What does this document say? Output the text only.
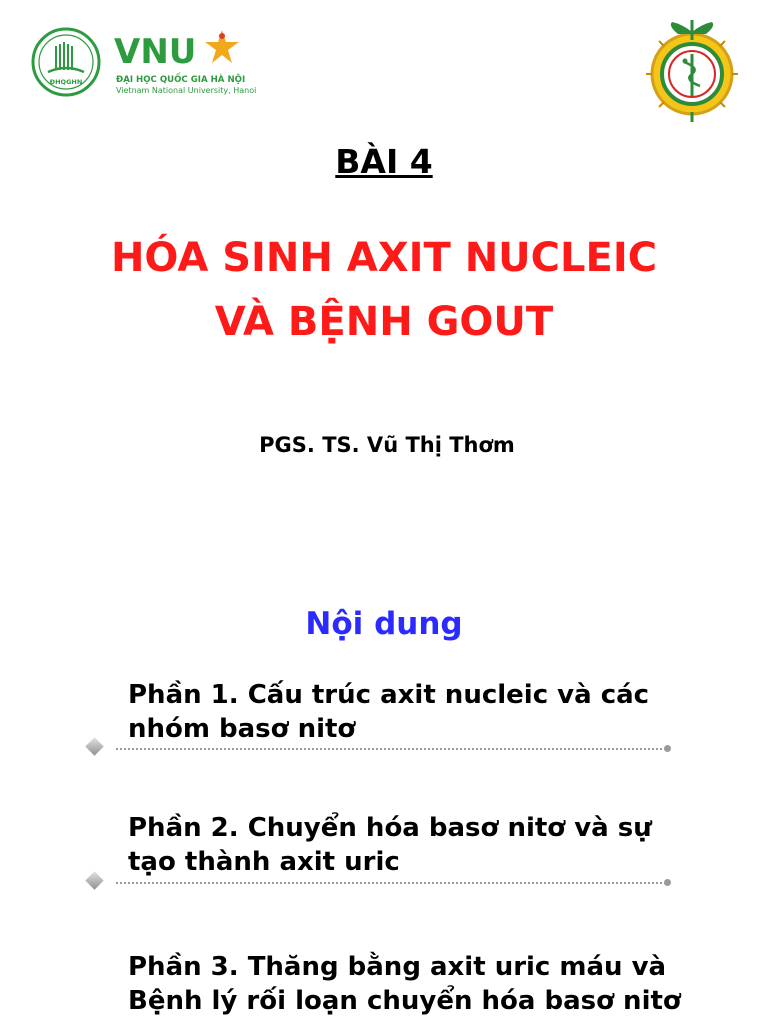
ĐHQGHN
VNU
ĐẠI HỌC QUỐC GIA HÀ NỘI
Vietnam National University, Hanoi
BÀI 4
HÓA SINH AXIT NUCLEIC
VÀ BỆNH GOUT
PGS. TS. Vũ Thị Thơm
Nội dung
Phần 1. Cấu trúc axit nucleic và các
nhóm basơ nitơ
Phần 2. Chuyển hóa basơ nitơ và sự
tạo thành axit uric
Phần 3. Thăng bằng axit uric máu và
Bệnh lý rối loạn chuyển hóa basơ nitơ
